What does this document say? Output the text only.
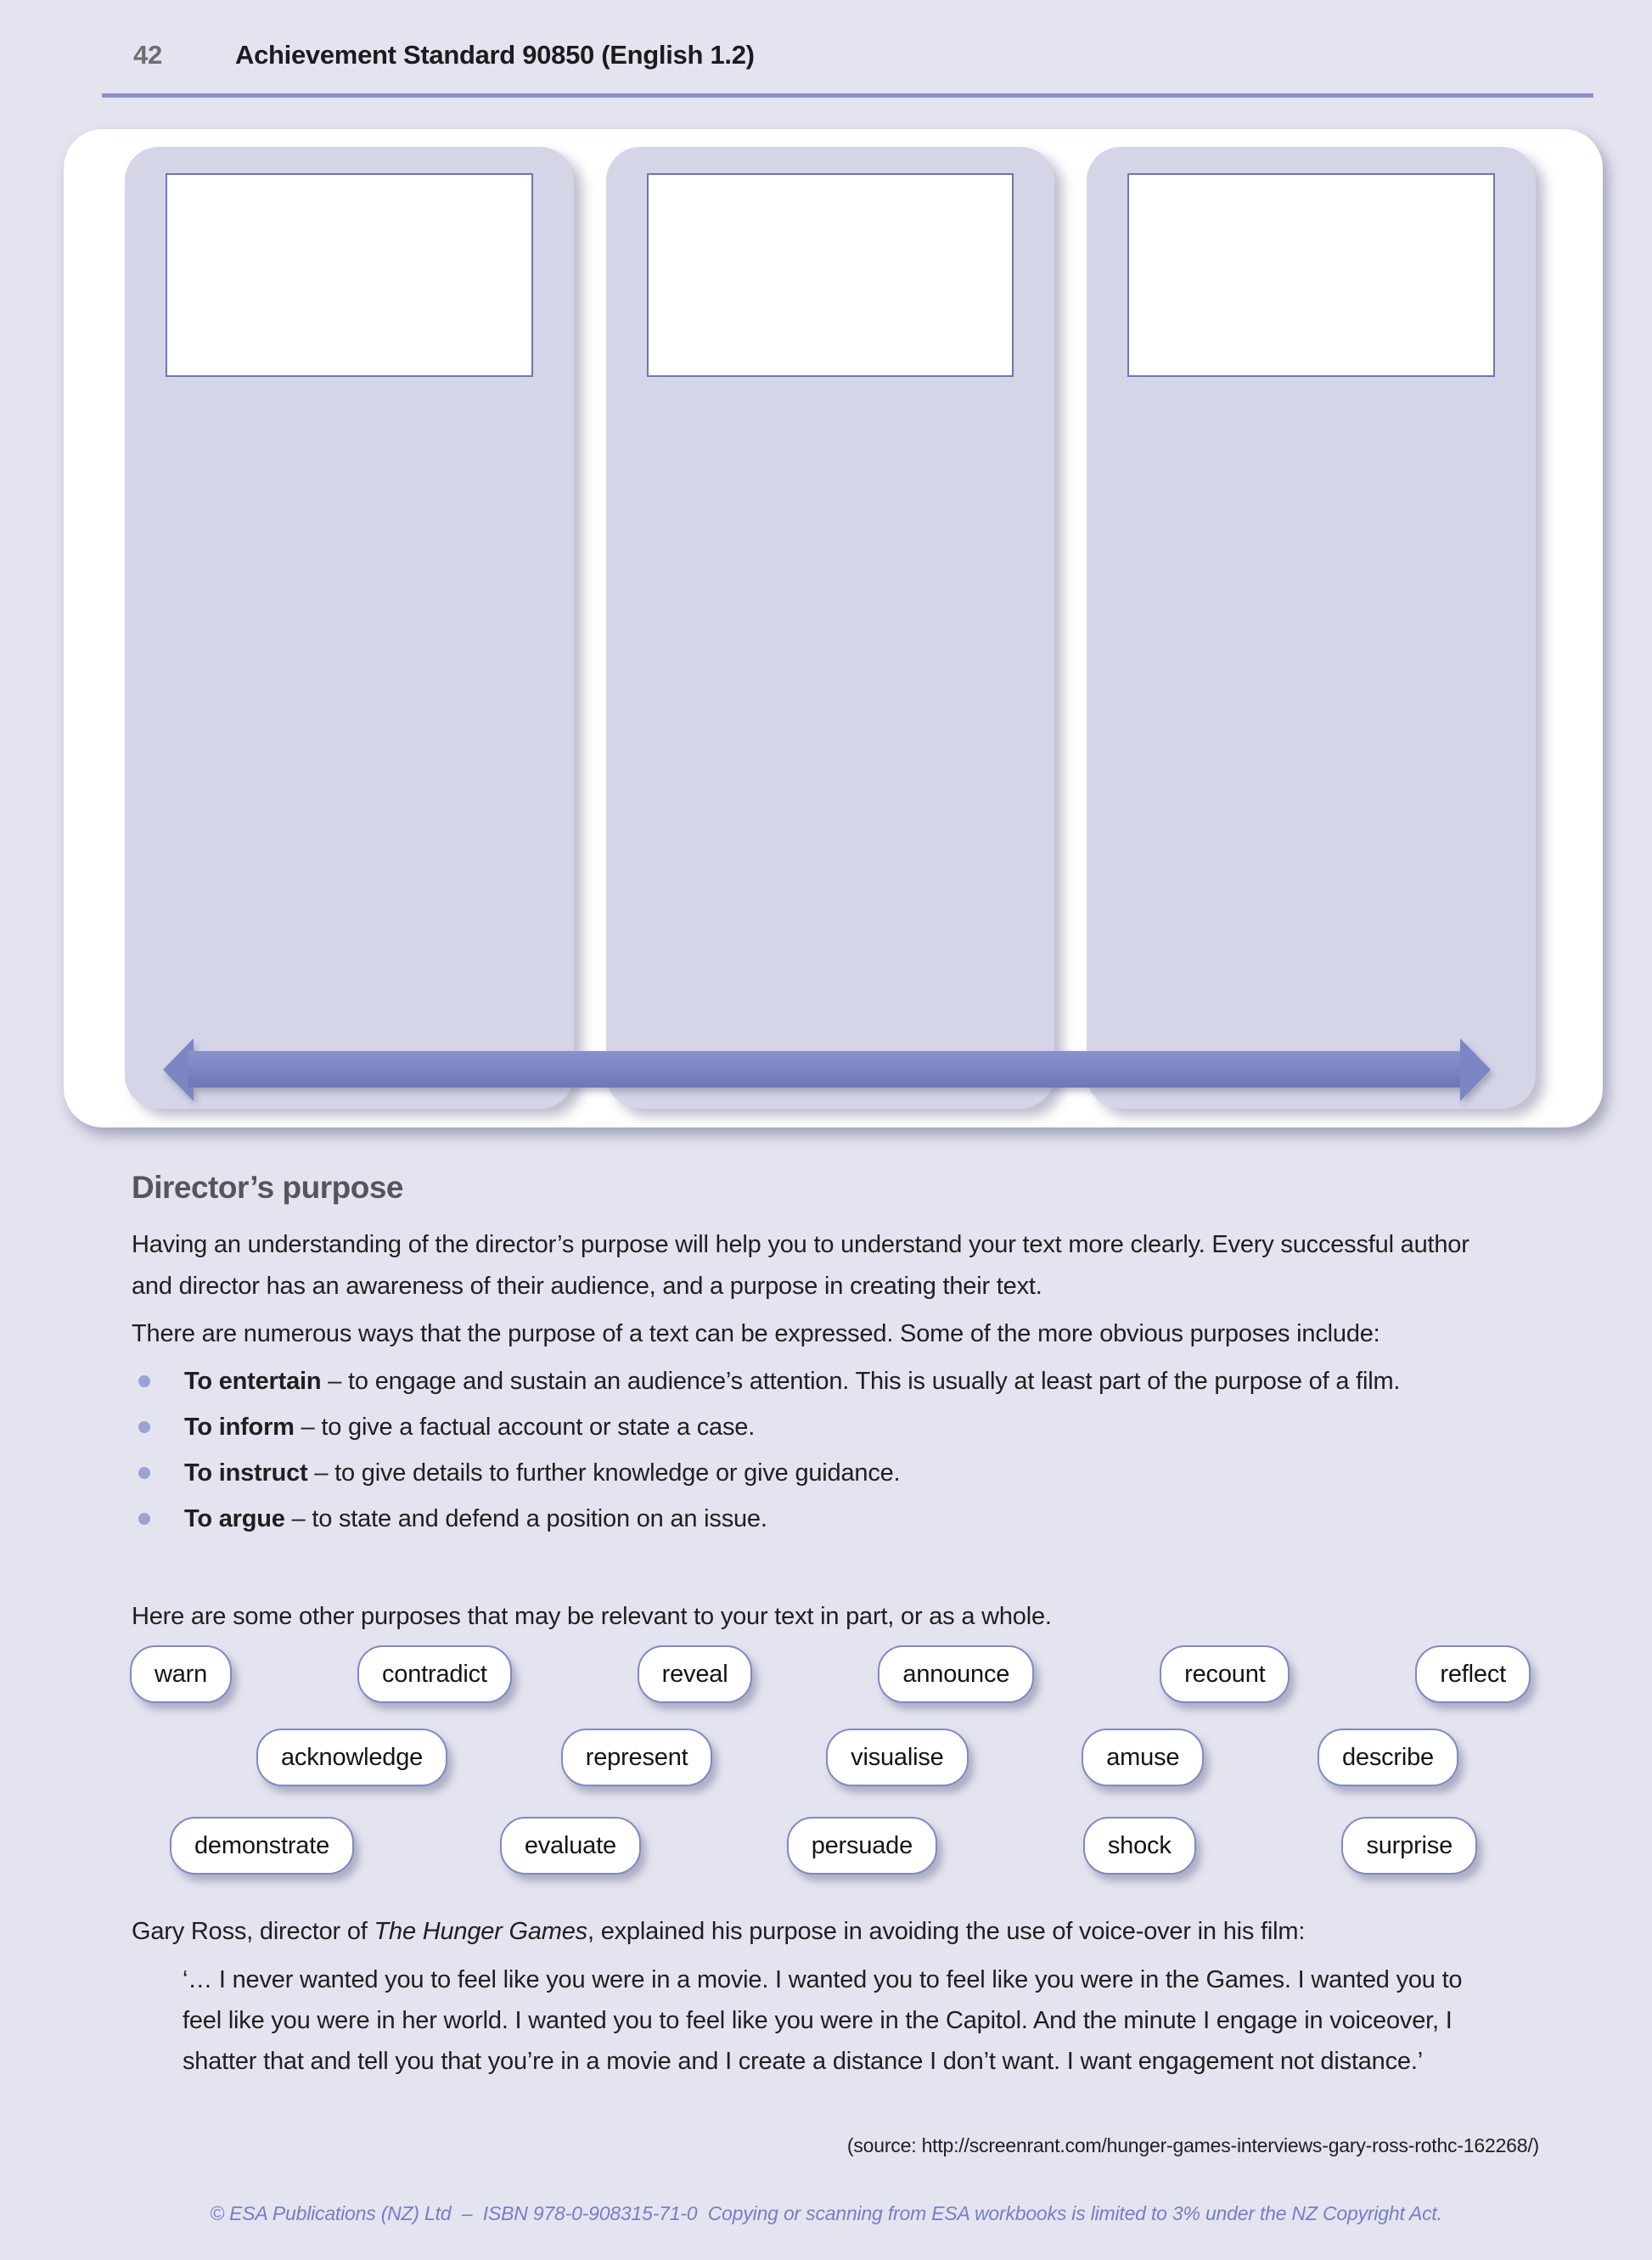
42	Achievement Standard 90850 (English 1.2)
Director’s purpose

Having an understanding of the director’s purpose will help you to understand your text more clearly. Every successful author and director has an awareness of their audience, and a purpose in creating their text.

There are numerous ways that the purpose of a text can be expressed. Some of the more obvious purposes include:

To entertain – to engage and sustain an audience’s attention. This is usually at least part of the purpose of a film.
To inform – to give a factual account or state a case.
To instruct – to give details to further knowledge or give guidance.
To argue – to state and defend a position on an issue.

Here are some other purposes that may be relevant to your text in part, or as a whole.

warn	contradict	reveal	announce	recount	reflect
acknowledge	represent	visualise	amuse	describe
demonstrate	evaluate	persuade	shock	surprise

Gary Ross, director of The Hunger Games, explained his purpose in avoiding the use of voice-over in his film:

‘… I never wanted you to feel like you were in a movie. I wanted you to feel like you were in the Games. I wanted you to feel like you were in her world. I wanted you to feel like you were in the Capitol. And the minute I engage in voiceover, I shatter that and tell you that you’re in a movie and I create a distance I don’t want. I want engagement not distance.’

(source: http://screenrant.com/hunger-games-interviews-gary-ross-rothc-162268/)

© ESA Publications (NZ) Ltd  –  ISBN 978-0-908315-71-0  Copying or scanning from ESA workbooks is limited to 3% under the NZ Copyright Act.
